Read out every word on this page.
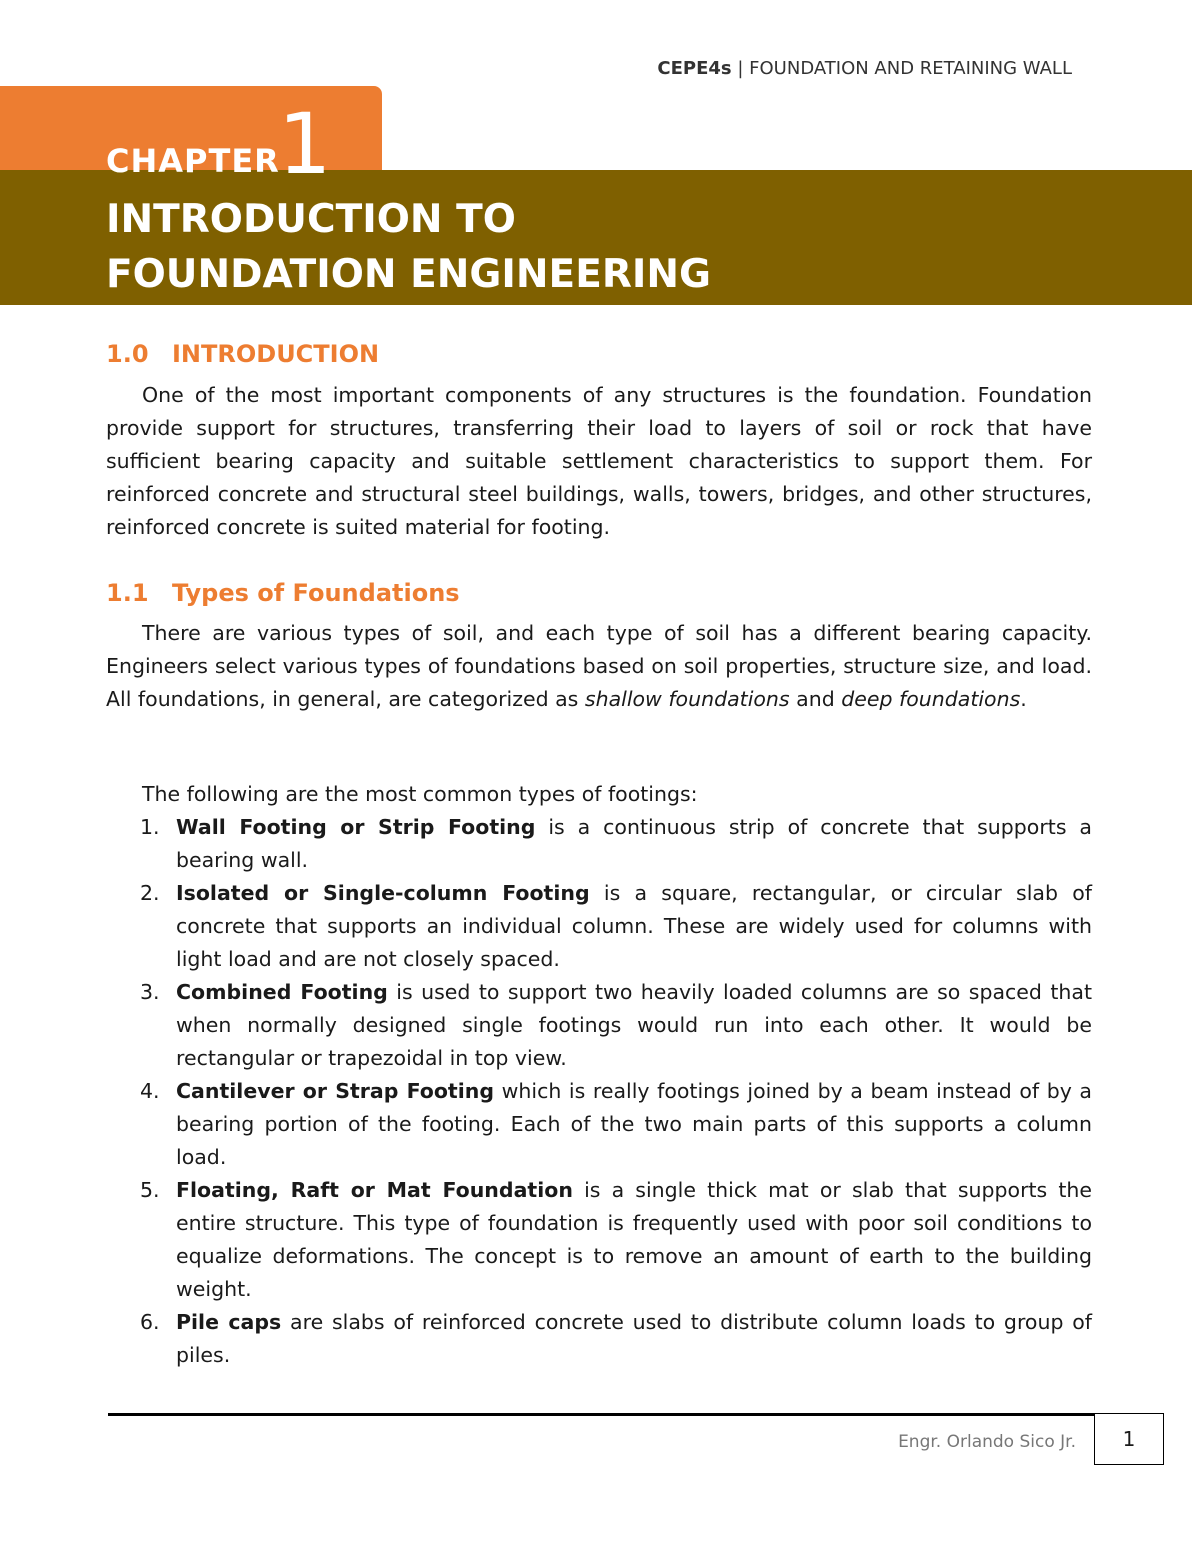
CEPE4s | FOUNDATION AND RETAINING WALL
CHAPTER
1
INTRODUCTION TO
FOUNDATION ENGINEERING
1.0 INTRODUCTION
One of the most important components of any structures is the foundation. Foundation provide support for structures, transferring their load to layers of soil or rock that have sufficient bearing capacity and suitable settlement characteristics to support them. For reinforced concrete and structural steel buildings, walls, towers, bridges, and other structures, reinforced concrete is suited material for footing.
1.1 Types of Foundations
There are various types of soil, and each type of soil has a different bearing capacity. Engineers select various types of foundations based on soil properties, structure size, and load. All foundations, in general, are categorized as shallow foundations and deep foundations.
The following are the most common types of footings:
1. Wall Footing or Strip Footing is a continuous strip of concrete that supports a bearing wall.
2. Isolated or Single-column Footing is a square, rectangular, or circular slab of concrete that supports an individual column. These are widely used for columns with light load and are not closely spaced.
3. Combined Footing is used to support two heavily loaded columns are so spaced that when normally designed single footings would run into each other. It would be rectangular or trapezoidal in top view.
4. Cantilever or Strap Footing which is really footings joined by a beam instead of by a bearing portion of the footing. Each of the two main parts of this supports a column load.
5. Floating, Raft or Mat Foundation is a single thick mat or slab that supports the entire structure. This type of foundation is frequently used with poor soil conditions to equalize deformations. The concept is to remove an amount of earth to the building weight.
6. Pile caps are slabs of reinforced concrete used to distribute column loads to group of piles.
Engr. Orlando Sico Jr.	1
